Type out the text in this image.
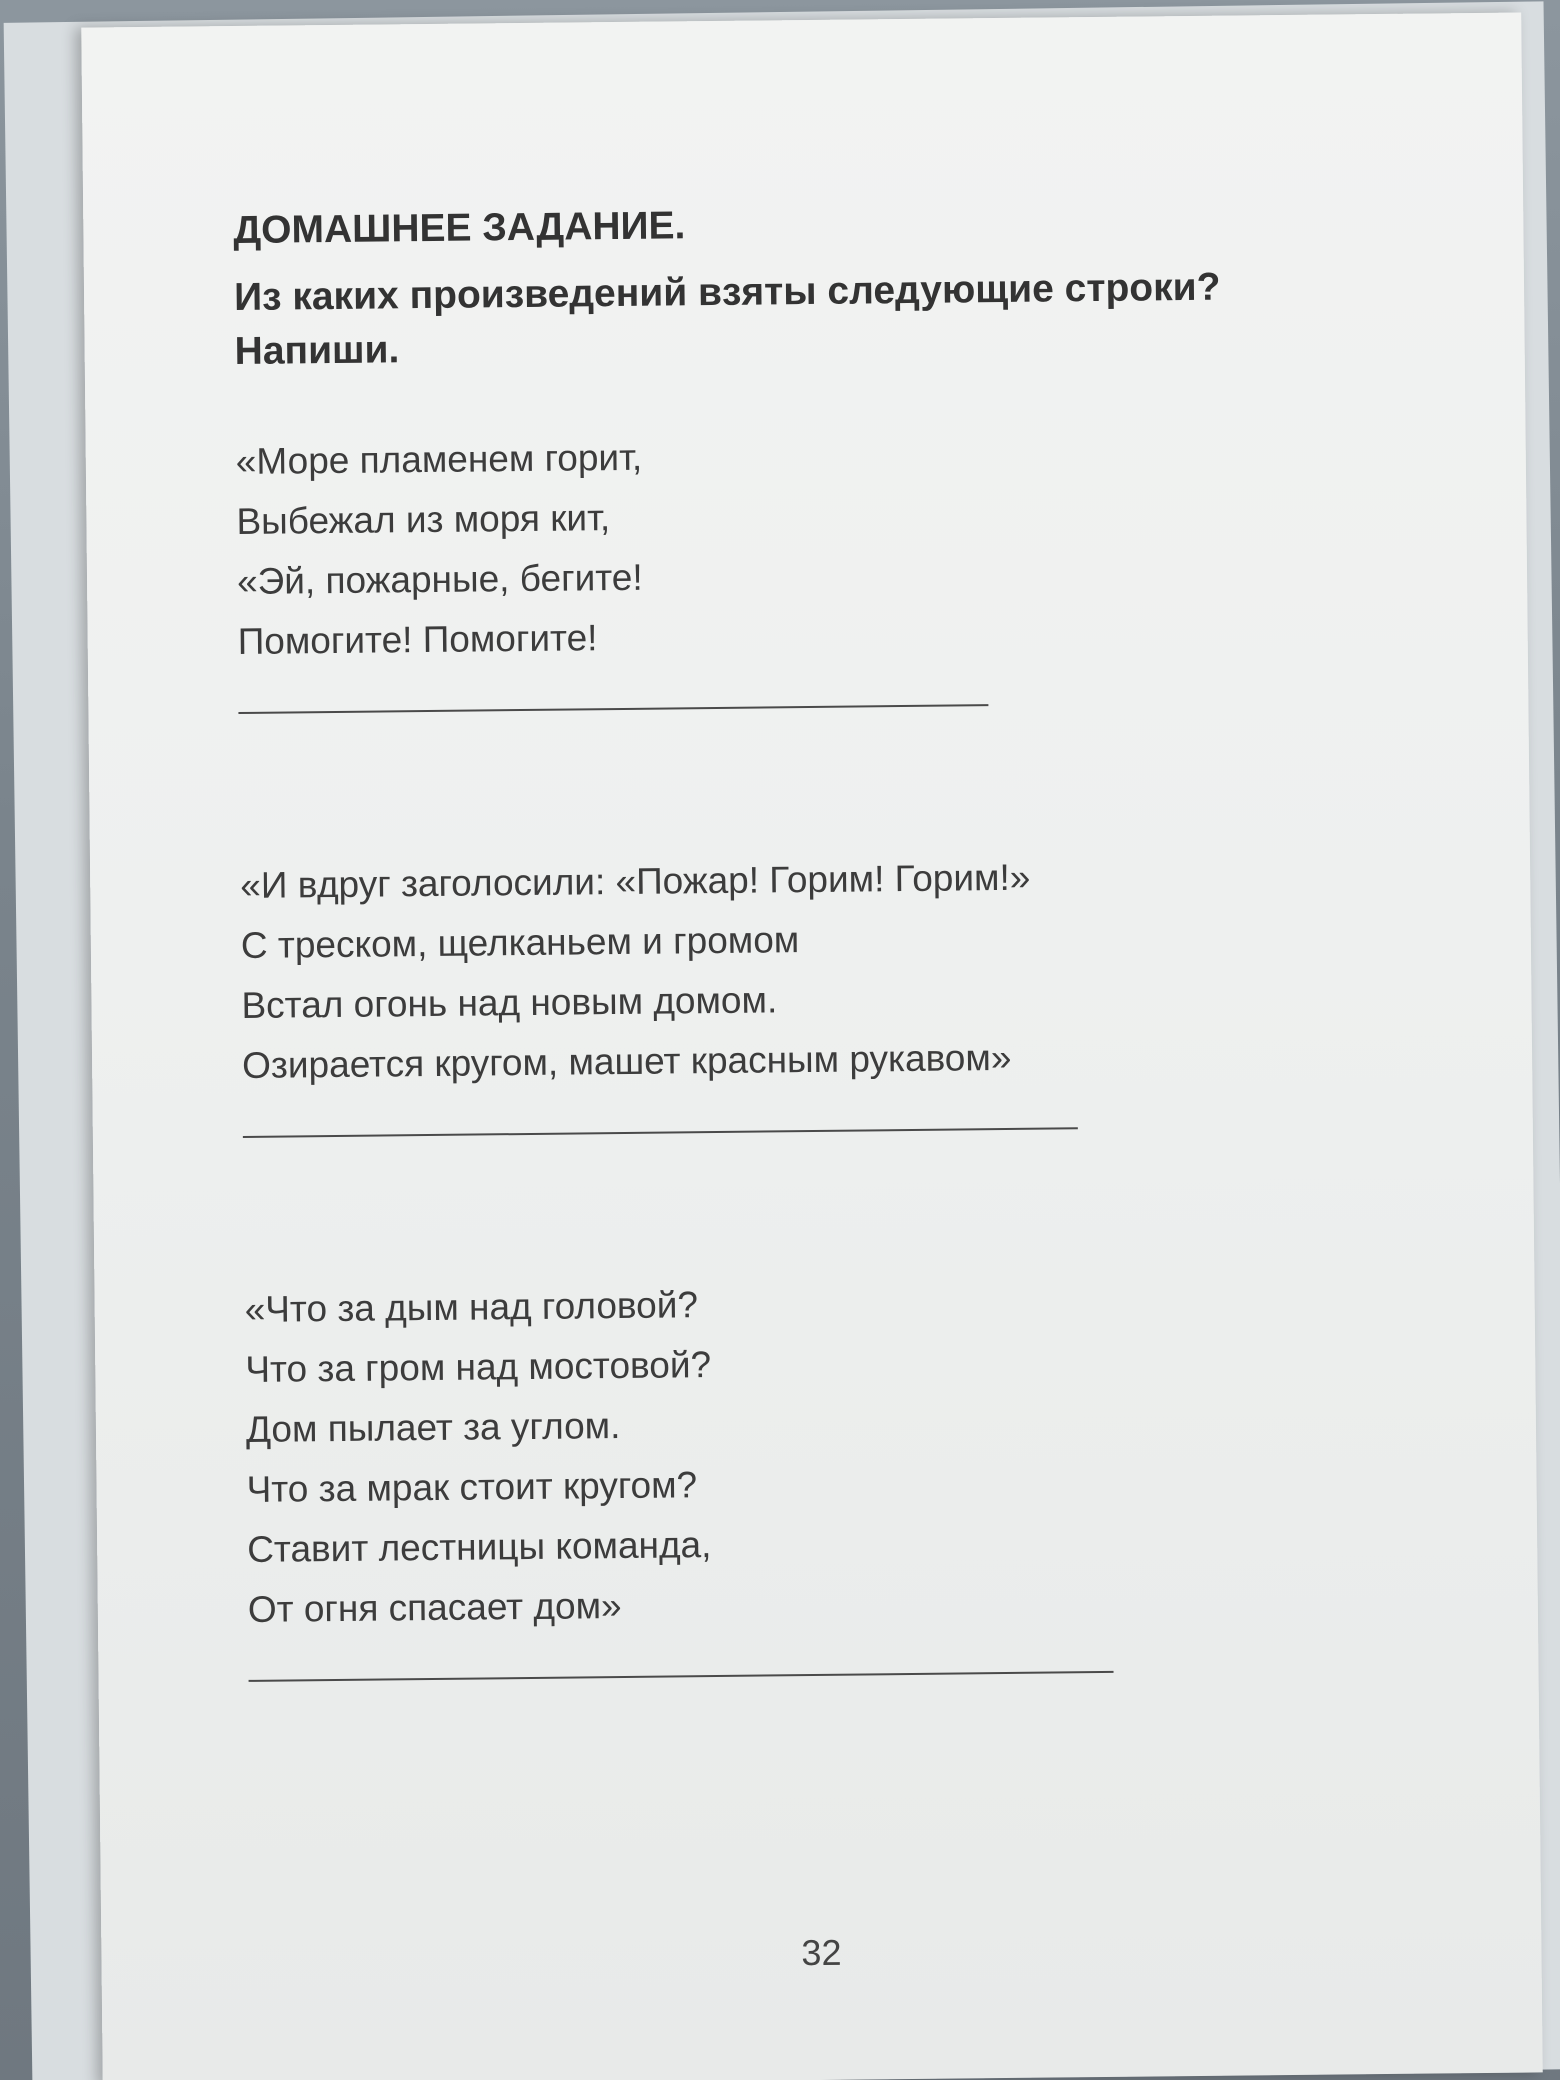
ДОМАШНЕЕ ЗАДАНИЕ.

Из каких произведений взяты следующие строки? Напиши.

«Море пламенем горит,
Выбежал из моря кит,
«Эй, пожарные, бегите!
Помогите! Помогите!
«И вдруг заголосили: «Пожар! Горим! Горим!»
С треском, щелканьем и громом
Встал огонь над новым домом.
Озирается кругом, машет красным рукавом»
«Что за дым над головой?
Что за гром над мостовой?
Дом пылает за углом.
Что за мрак стоит кругом?
Ставит лестницы команда,
От огня спасает дом»
32
